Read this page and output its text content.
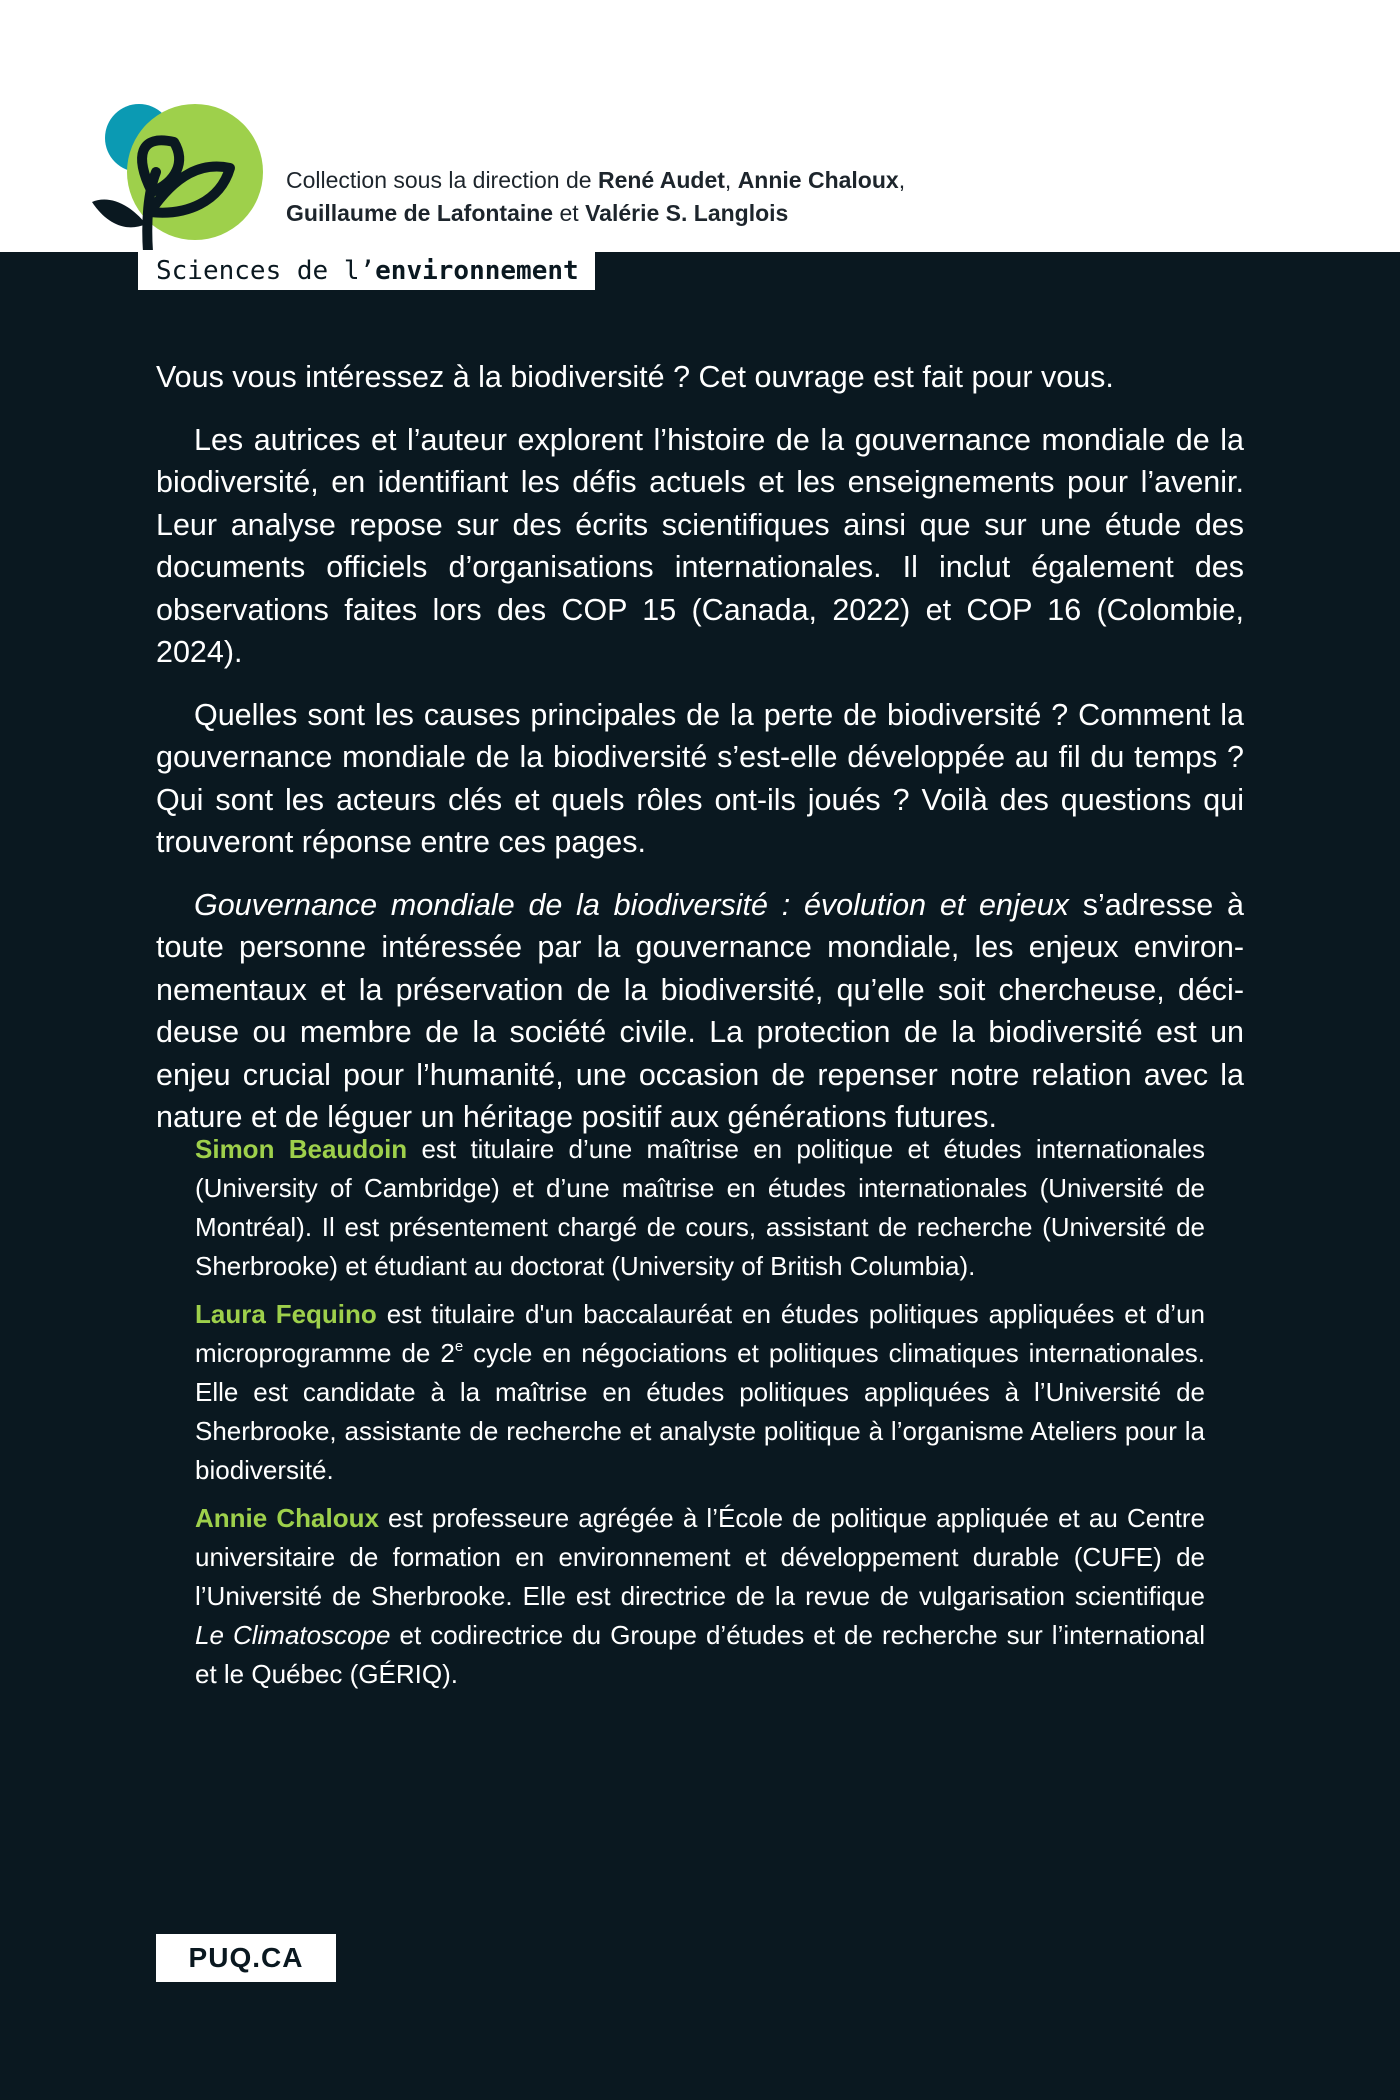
Collection sous la direction de René Audet, Annie Chaloux,
Guillaume de Lafontaine et Valérie S. Langlois
Sciences de l’environnement

Vous vous intéressez à la biodiversité ? Cet ouvrage est fait pour vous.

Les autrices et l’auteur explorent l’histoire de la gouvernance mondiale de la biodiversité, en identifiant les défis actuels et les enseignements pour l’avenir. Leur analyse repose sur des écrits scientifiques ainsi que sur une étude des documents officiels d’organisations internationales. Il inclut également des observations faites lors des COP 15 (Canada, 2022) et COP 16 (Colombie, 2024).

Quelles sont les causes principales de la perte de biodiversité ? Comment la gouvernance mondiale de la biodiversité s’est-elle développée au fil du temps ? Qui sont les acteurs clés et quels rôles ont-ils joués ? Voilà des questions qui trouveront réponse entre ces pages.

Gouvernance mondiale de la biodiversité : évolution et enjeux s’adresse à toute personne intéressée par la gouvernance mondiale, les enjeux environnementaux et la préservation de la biodiversité, qu’elle soit chercheuse, décideuse ou membre de la société civile. La protection de la biodiversité est un enjeu crucial pour l’humanité, une occasion de repenser notre relation avec la nature et de léguer un héritage positif aux générations futures.

Simon Beaudoin est titulaire d’une maîtrise en politique et études internationales (University of Cambridge) et d’une maîtrise en études internationales (Université de Montréal). Il est présentement chargé de cours, assistant de recherche (Université de Sherbrooke) et étudiant au doctorat (University of British Columbia).

Laura Fequino est titulaire d'un baccalauréat en études politiques appliquées et d’un microprogramme de 2e cycle en négociations et politiques climatiques internationales. Elle est candidate à la maîtrise en études politiques appliquées à l’Université de Sherbrooke, assistante de recherche et analyste politique à l’organisme Ateliers pour la biodiversité.

Annie Chaloux est professeure agrégée à l’École de politique appliquée et au Centre universitaire de formation en environnement et développement durable (CUFE) de l’Université de Sherbrooke. Elle est directrice de la revue de vulgarisation scientifique Le Climatoscope et codirectrice du Groupe d’études et de recherche sur l’international et le Québec (GÉRIQ).

PUQ.CA
